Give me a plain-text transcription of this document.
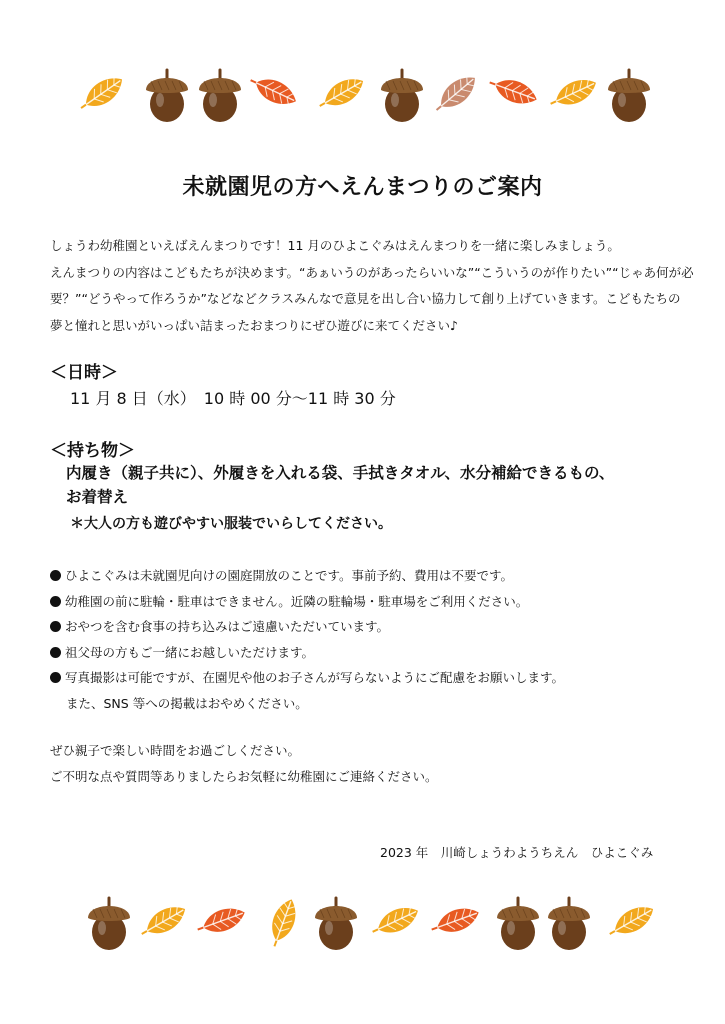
未就園児の方へえんまつりのご案内

しょうわ幼稚園といえばえんまつりです！11 月のひよこぐみはえんまつりを一緒に楽しみましょう。

えんまつりの内容はこどもたちが決めます。“あぁいうのがあったらいいな”“こういうのが作りたい”“じゃあ何が必

要？”“どうやって作ろうか”などなどクラスみんなで意見を出し合い協力して創り上げていきます。こどもたちの

夢と憧れと思いがいっぱい詰まったおまつりにぜひ遊びに来てください♪

＜日時＞
11 月 8 日（水）　10 時 00 分～11 時 30 分
＜持ち物＞
内履き（親子共に）、外履きを入れる袋、手拭きタオル、水分補給できるもの、
お着替え
＊大人の方も遊びやすい服装でいらしてください。
ひよこぐみは未就園児向けの園庭開放のことです。事前予約、費用は不要です。
幼稚園の前に駐輪・駐車はできません。近隣の駐輪場・駐車場をご利用ください。
おやつを含む食事の持ち込みはご遠慮いただいています。
祖父母の方もご一緒にお越しいただけます。
写真撮影は可能ですが、在園児や他のお子さんが写らないようにご配慮をお願いします。
また、SNS 等への掲載はおやめください。

ぜひ親子で楽しい時間をお過ごしください。

ご不明な点や質問等ありましたらお気軽に幼稚園にご連絡ください。

2023 年　川崎しょうわようちえん　ひよこぐみ
